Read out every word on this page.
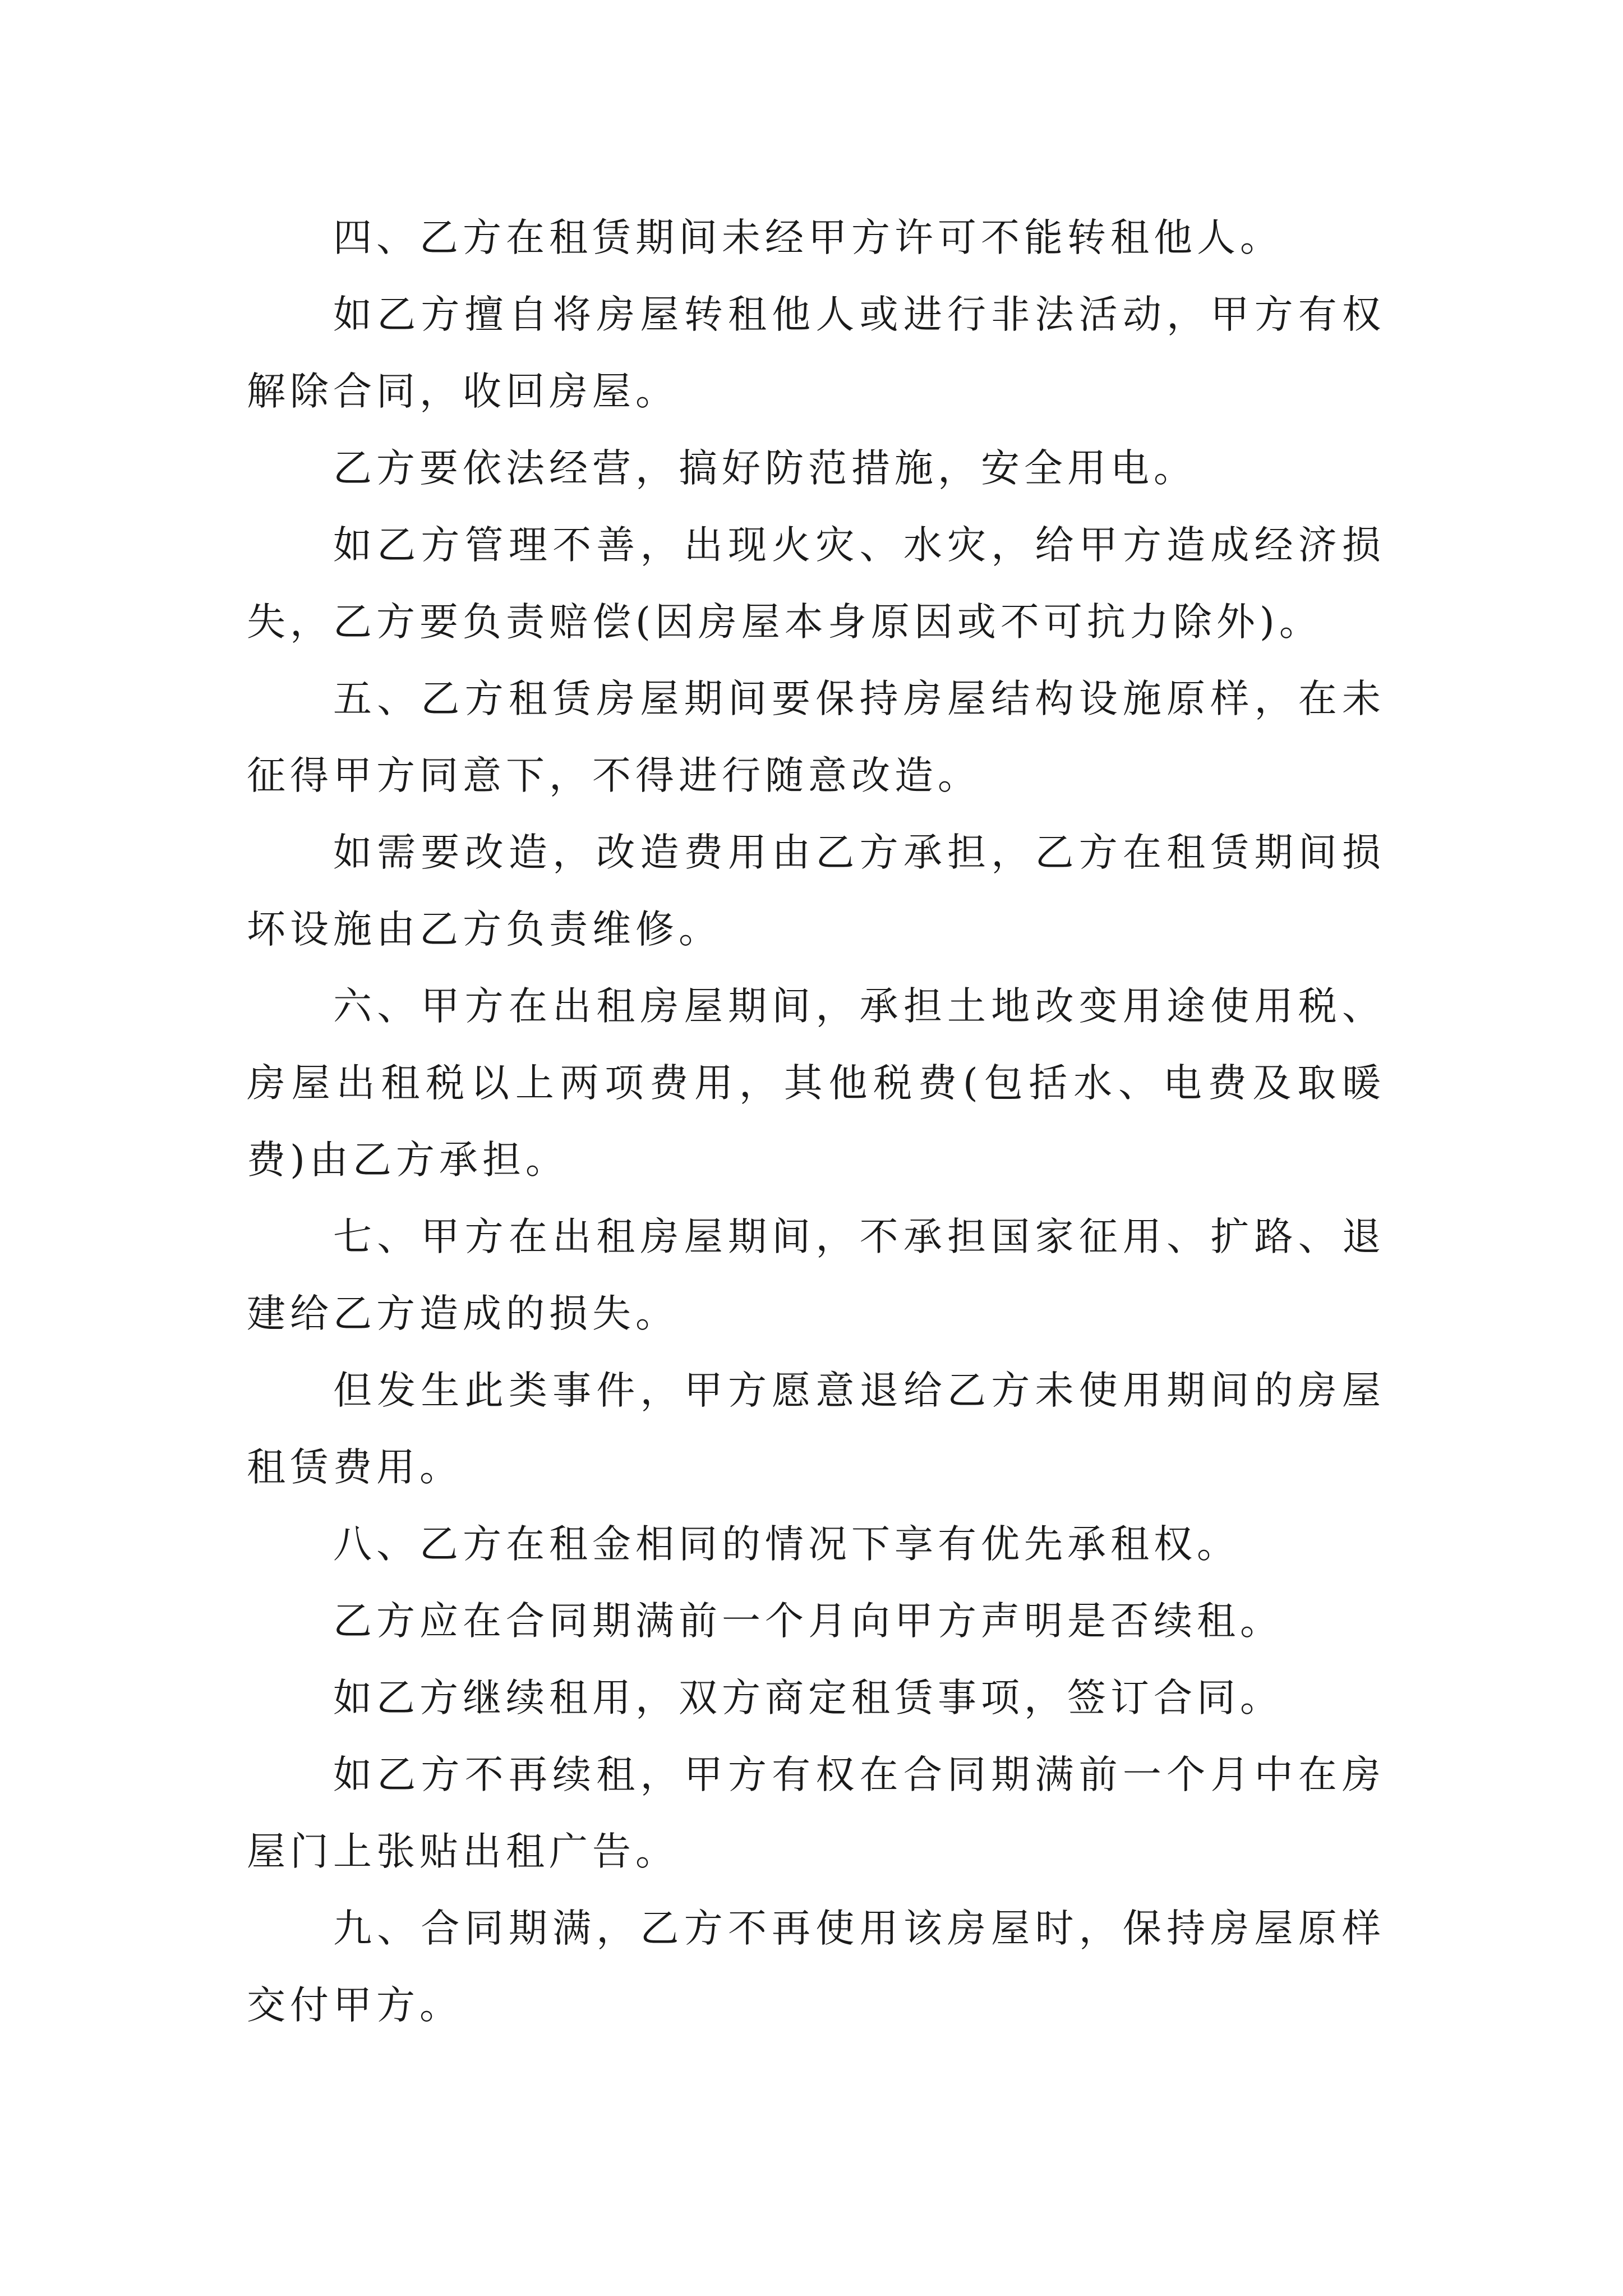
四、乙方在租赁期间未经甲方许可不能转租他人。

如乙方擅自将房屋转租他人或进行非法活动，甲方有权解除合同，收回房屋。

乙方要依法经营，搞好防范措施，安全用电。

如乙方管理不善，出现火灾、水灾，给甲方造成经济损失，乙方要负责赔偿(因房屋本身原因或不可抗力除外)。

五、乙方租赁房屋期间要保持房屋结构设施原样，在未征得甲方同意下，不得进行随意改造。

如需要改造，改造费用由乙方承担，乙方在租赁期间损坏设施由乙方负责维修。

六、甲方在出租房屋期间，承担土地改变用途使用税、房屋出租税以上两项费用，其他税费(包括水、电费及取暖费)由乙方承担。

七、甲方在出租房屋期间，不承担国家征用、扩路、退建给乙方造成的损失。

但发生此类事件，甲方愿意退给乙方未使用期间的房屋租赁费用。

八、乙方在租金相同的情况下享有优先承租权。

乙方应在合同期满前一个月向甲方声明是否续租。

如乙方继续租用，双方商定租赁事项，签订合同。

如乙方不再续租，甲方有权在合同期满前一个月中在房屋门上张贴出租广告。

九、合同期满，乙方不再使用该房屋时，保持房屋原样交付甲方。
